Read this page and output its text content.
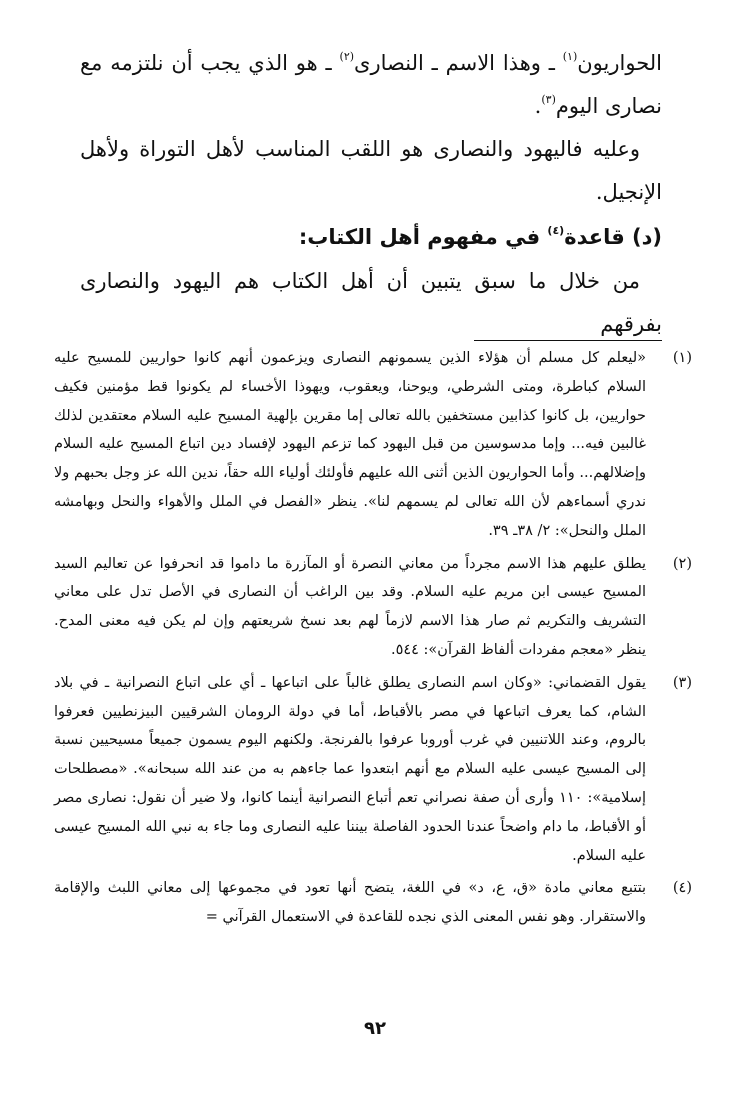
الحواريون$^{(١)}$ ـ وهذا الاسم ـ النصارى$^{(٢)}$ ـ هو الذي يجب أن نلتزمه مع نصارى اليوم$^{(٣)}$.

وعليه فاليهود والنصارى هو اللقب المناسب لأهل التوراة ولأهل الإنجيل.

(د) قاعدة$^{(٤)}$ في مفهوم أهل الكتاب:

من خلال ما سبق يتبين أن أهل الكتاب هم اليهود والنصارى بفرقهم

(١)
«ليعلم كل مسلم أن هؤلاء الذين يسمونهم النصارى ويزعمون أنهم كانوا حواريين للمسيح عليه السلام كباطرة، ومتى الشرطي، ويوحنا، ويعقوب، ويهوذا الأخساء لم يكونوا قط مؤمنين فكيف حواريين، بل كانوا كذابين مستخفين بالله تعالى إما مقرين بإلهية المسيح عليه السلام معتقدين لذلك غالبين فيه... وإما مدسوسين من قبل اليهود كما تزعم اليهود لإفساد دين اتباع المسيح عليه السلام وإضلالهم... وأما الحواريون الذين أثنى الله عليهم فأولئك أولياء الله حقاً، ندين الله عز وجل بحبهم ولا ندري أسماءهم لأن الله تعالى لم يسمهم لنا». ينظر «الفصل في الملل والأهواء والنحل وبهامشه الملل والنحل»: ٢/ ٣٨ـ ٣٩.
(٢)
يطلق عليهم هذا الاسم مجرداً من معاني النصرة أو المآزرة ما داموا قد انحرفوا عن تعاليم السيد المسيح عيسى ابن مريم عليه السلام. وقد بين الراغب أن النصارى في الأصل تدل على معاني التشريف والتكريم ثم صار هذا الاسم لازماً لهم بعد نسخ شريعتهم وإن لم يكن فيه معنى المدح. ينظر «معجم مفردات ألفاظ القرآن»: ٥٤٤.
(٣)
يقول القضماني: «وكان اسم النصارى يطلق غالباً على اتباعها ـ أي على اتباع النصرانية ـ في بلاد الشام، كما يعرف اتباعها في مصر بالأقباط، أما في دولة الرومان الشرقيين البيزنطيين فعرفوا بالروم، وعند اللاتنيين في غرب أوروبا عرفوا بالفرنجة. ولكنهم اليوم يسمون جميعاً مسيحيين نسبة إلى المسيح عيسى عليه السلام مع أنهم ابتعدوا عما جاءهم به من عند الله سبحانه». «مصطلحات إسلامية»: ١١٠ وأرى أن صفة نصراني تعم أتباع النصرانية أينما كانوا، ولا ضير أن نقول: نصارى مصر أو الأقباط، ما دام واضحاً عندنا الحدود الفاصلة بيننا عليه النصارى وما جاء به نبي الله المسيح عيسى عليه السلام.
(٤)
بتتبع معاني مادة «ق، ع، د» في اللغة، يتضح أنها تعود في مجموعها إلى معاني اللبث والإقامة والاستقرار. وهو نفس المعنى الذي نجده للقاعدة في الاستعمال القرآني =
٩٢
